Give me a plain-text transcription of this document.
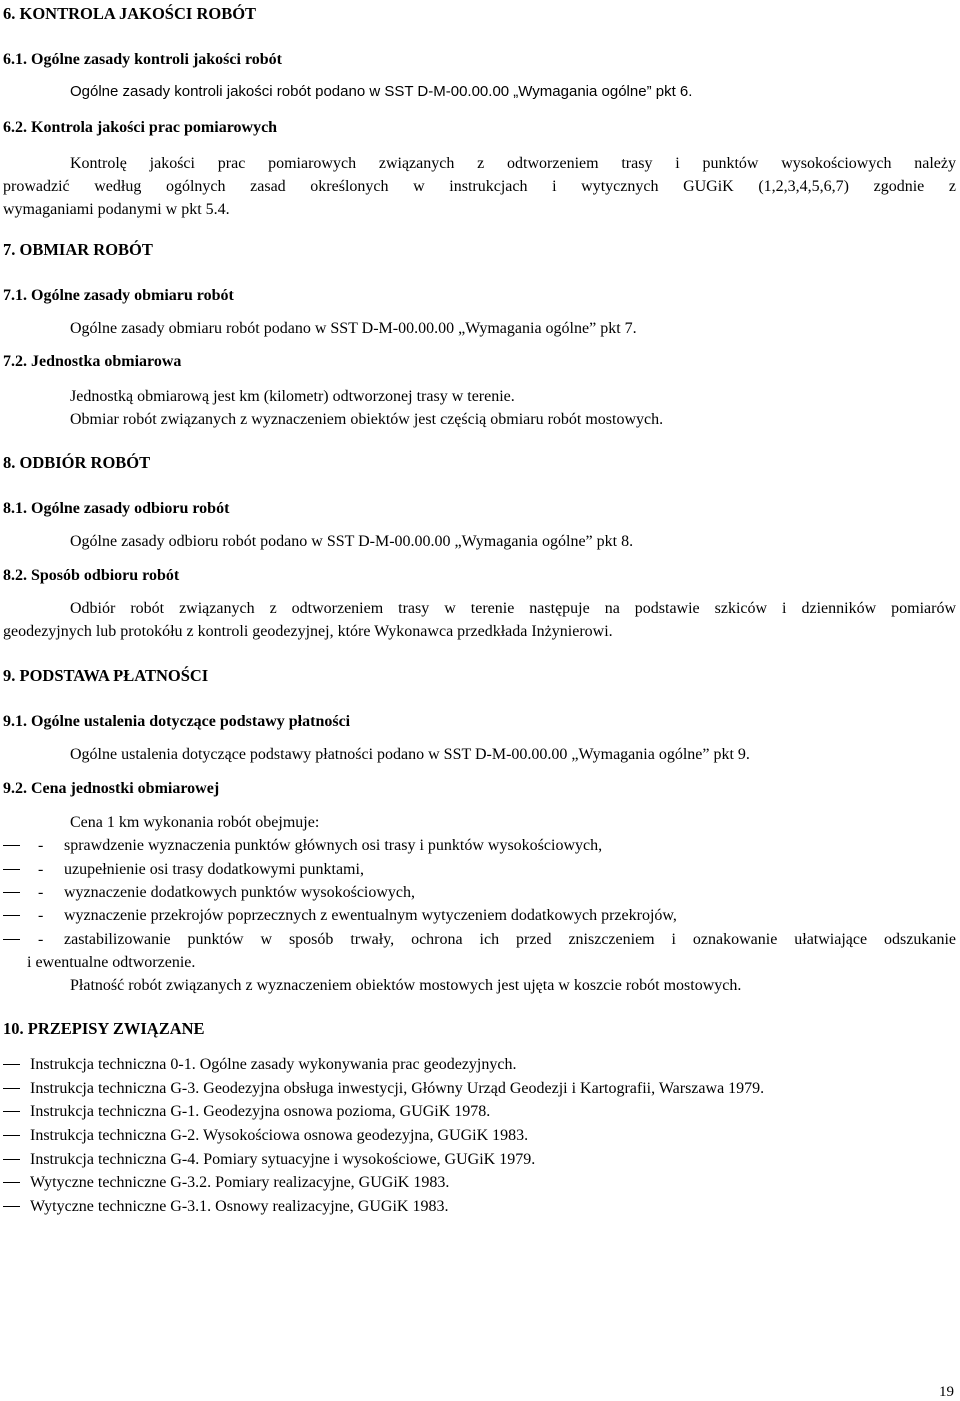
6. KONTROLA JAKOŚCI ROBÓT
6.1. Ogólne zasady kontroli jakości robót
Ogólne zasady kontroli jakości robót podano w SST D-M-00.00.00 „Wymagania ogólne” pkt 6.
6.2. Kontrola jakości prac pomiarowych
Kontrolę jakości prac pomiarowych związanych z odtworzeniem trasy i punktów wysokościowych należy
prowadzić według ogólnych zasad określonych w instrukcjach i wytycznych GUGiK (1,2,3,4,5,6,7) zgodnie z
wymaganiami podanymi w pkt 5.4.
7. OBMIAR ROBÓT
7.1. Ogólne zasady obmiaru robót
Ogólne zasady obmiaru robót podano w SST D-M-00.00.00 „Wymagania ogólne” pkt 7.
7.2. Jednostka obmiarowa
Jednostką obmiarową jest km (kilometr) odtworzonej trasy w terenie.
Obmiar robót związanych z wyznaczeniem obiektów jest częścią obmiaru robót mostowych.
8. ODBIÓR ROBÓT
8.1. Ogólne zasady odbioru robót
Ogólne zasady odbioru robót podano w SST D-M-00.00.00 „Wymagania ogólne” pkt 8.
8.2. Sposób odbioru robót
Odbiór robót związanych z odtworzeniem trasy w terenie następuje na podstawie szkiców i dzienników pomiarów
geodezyjnych lub protokółu z kontroli geodezyjnej, które Wykonawca przedkłada Inżynierowi.
9. PODSTAWA PŁATNOŚCI
9.1. Ogólne ustalenia dotyczące podstawy płatności
Ogólne ustalenia dotyczące podstawy płatności podano w SST D-M-00.00.00 „Wymagania ogólne” pkt 9.
9.2. Cena jednostki obmiarowej
Cena 1 km wykonania robót obejmuje:
- sprawdzenie wyznaczenia punktów głównych osi trasy i punktów wysokościowych,
- uzupełnienie osi trasy dodatkowymi punktami,
- wyznaczenie dodatkowych punktów wysokościowych,
- wyznaczenie przekrojów poprzecznych z ewentualnym wytyczeniem dodatkowych przekrojów,
- zastabilizowanie punktów w sposób trwały, ochrona ich przed zniszczeniem i oznakowanie ułatwiające odszukanie
i ewentualne odtworzenie.
Płatność robót związanych z wyznaczeniem obiektów mostowych jest ujęta w koszcie robót mostowych.
10. PRZEPISY ZWIĄZANE
Instrukcja techniczna 0-1. Ogólne zasady wykonywania prac geodezyjnych.
Instrukcja techniczna G-3. Geodezyjna obsługa inwestycji, Główny Urząd Geodezji i Kartografii, Warszawa 1979.
Instrukcja techniczna G-1. Geodezyjna osnowa pozioma, GUGiK 1978.
Instrukcja techniczna G-2. Wysokościowa osnowa geodezyjna, GUGiK 1983.
Instrukcja techniczna G-4. Pomiary sytuacyjne i wysokościowe, GUGiK 1979.
Wytyczne techniczne G-3.2. Pomiary realizacyjne, GUGiK 1983.
Wytyczne techniczne G-3.1. Osnowy realizacyjne, GUGiK 1983.
19
